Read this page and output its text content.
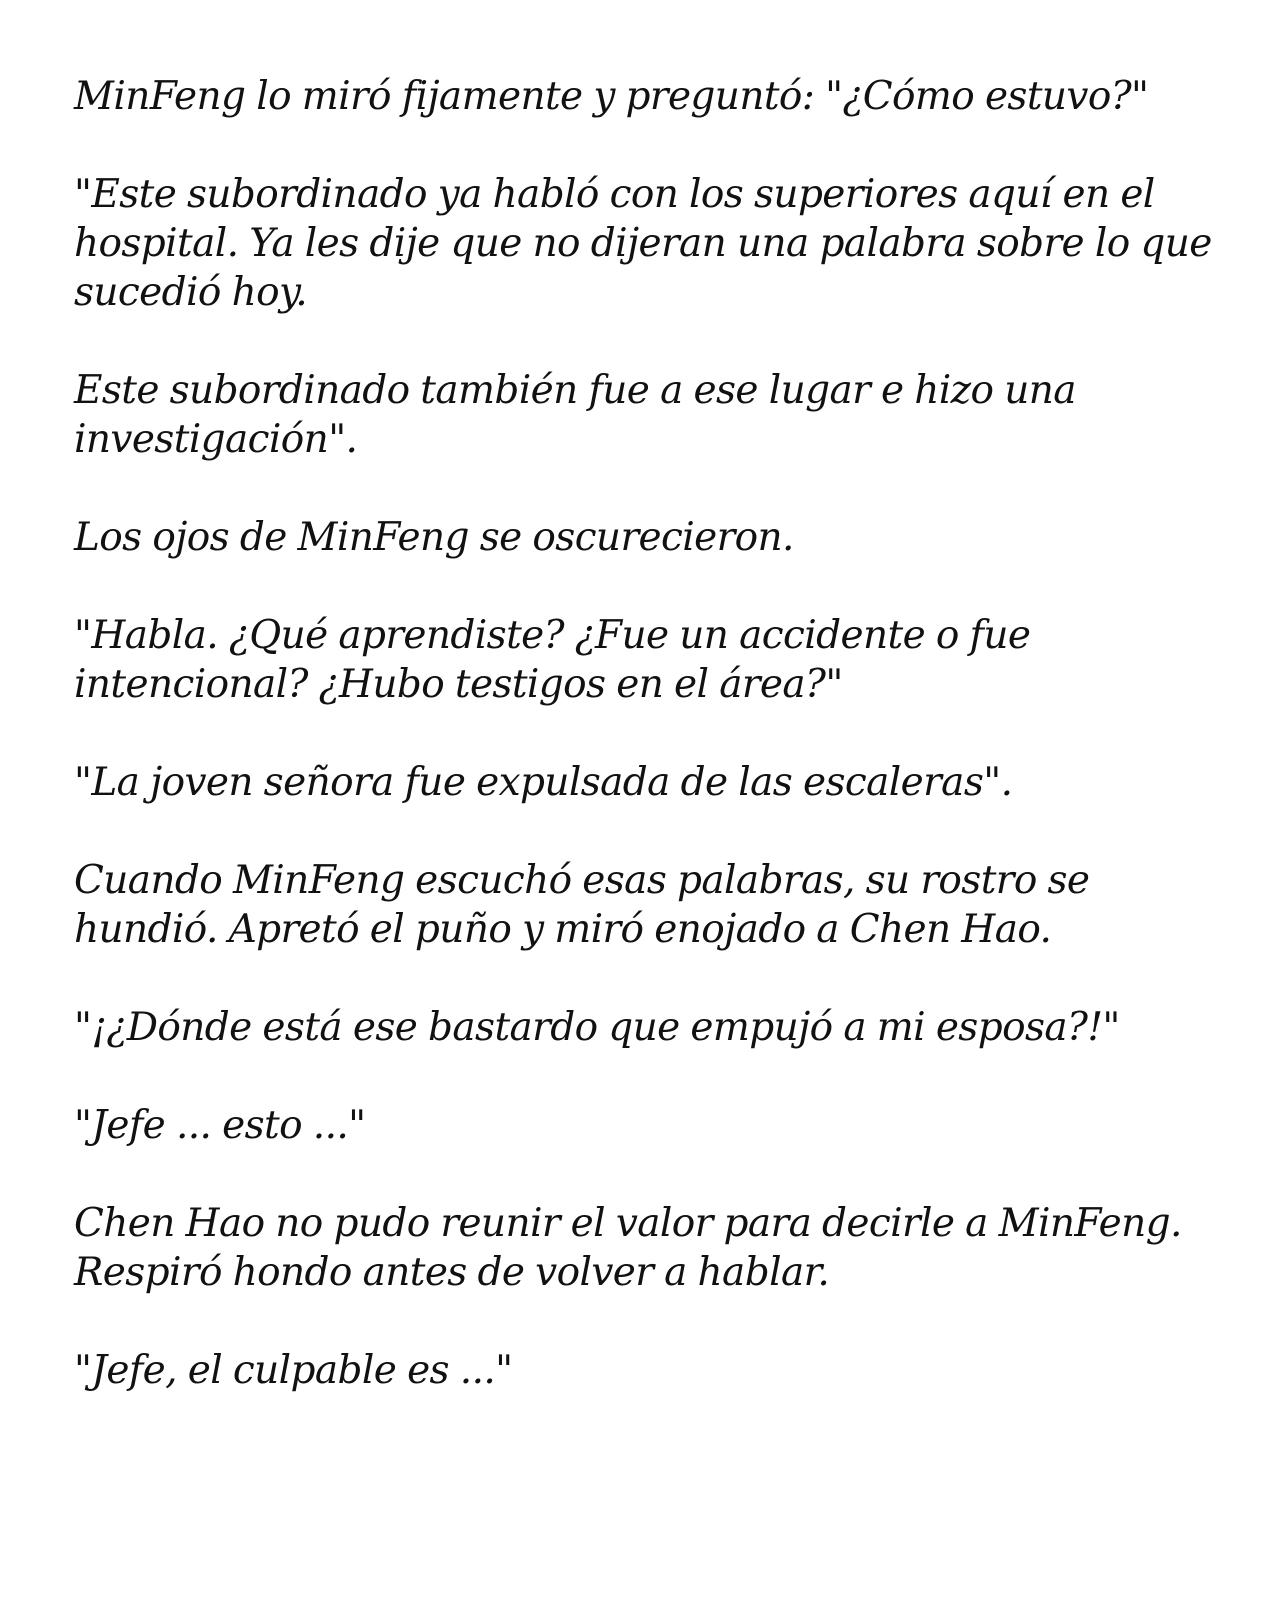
MinFeng lo miró fijamente y preguntó: "¿Cómo estuvo?"

"Este subordinado ya habló con los superiores aquí en el hospital. Ya les dije que no dijeran una palabra sobre lo que sucedió hoy.

Este subordinado también fue a ese lugar e hizo una investigación".

Los ojos de MinFeng se oscurecieron.

"Habla. ¿Qué aprendiste? ¿Fue un accidente o fue intencional? ¿Hubo testigos en el área?"

"La joven señora fue expulsada de las escaleras".

Cuando MinFeng escuchó esas palabras, su rostro se hundió. Apretó el puño y miró enojado a Chen Hao.

"¡¿Dónde está ese bastardo que empujó a mi esposa?!"

"Jefe ... esto ..."

Chen Hao no pudo reunir el valor para decirle a MinFeng. Respiró hondo antes de volver a hablar.

"Jefe, el culpable es ..."
